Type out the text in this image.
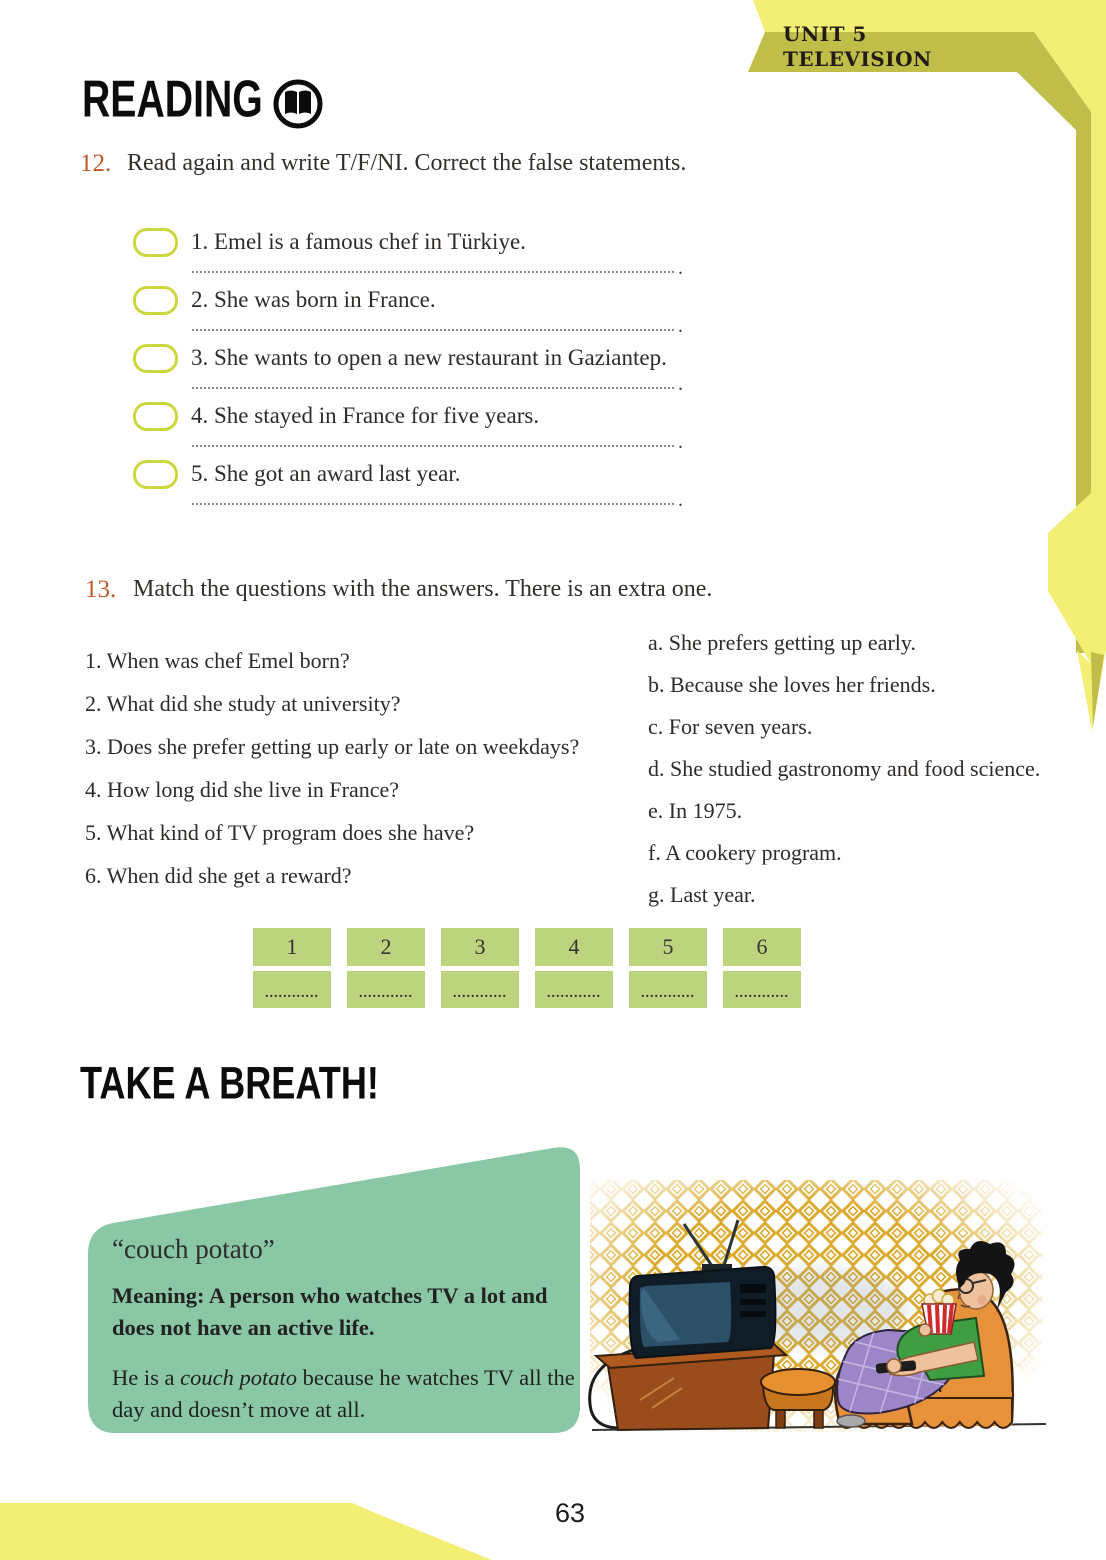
UNIT 5
TELEVISION
READING
12. Read again and write T/F/NI. Correct the false statements.
1. Emel is a famous chef in Türkiye.
.
2. She was born in France.
.
3. She wants to open a new restaurant in Gaziantep.
.
4. She stayed in France for five years.
.
5. She got an award last year.
.
13. Match the questions with the answers. There is an extra one.
1. When was chef Emel born?
2. What did she study at university?
3. Does she prefer getting up early or late on weekdays?
4. How long did she live in France?
5. What kind of TV program does she have?
6. When did she get a reward?
a. She prefers getting up early.
b. Because she loves her friends.
c. For seven years.
d. She studied gastronomy and food science.
e. In 1975.
f. A cookery program.
g. Last year.
1	2	3	4	5	6
............	............	............	............	............	............
TAKE A BREATH!
“couch potato”
Meaning: A person who watches TV a lot and does not have an active life.
He is a couch potato because he watches TV all the day and doesn’t move at all.
63
